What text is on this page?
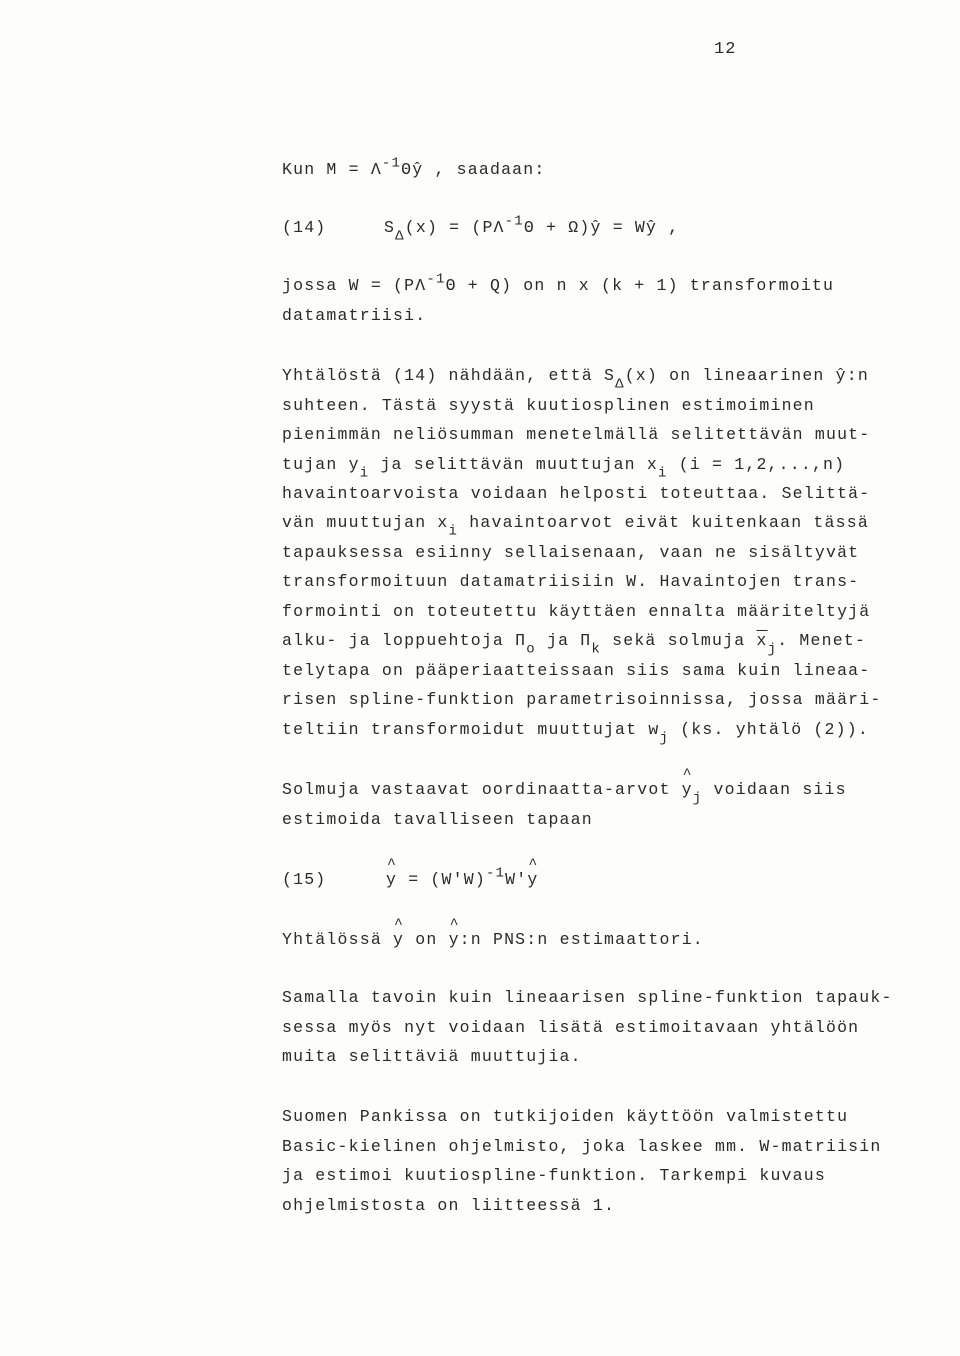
12
Kun $M = \Lambda^{-1}\Theta ŷ$ , saadaan:
(14)	$S_\Delta(x) = (P\Lambda^{-1}\Theta$ + Ω)ŷ = Wŷ ,
jossa $W = (P\Lambda^{-1}\Theta + Q)$ on n x (k + 1) transformoitu
datamatriisi.
Yhtälöstä (14) nähdään, että $S_\Delta(x)$ on lineaarinen ŷ:n
suhteen. Tästä syystä kuutiosplinen estimoiminen
pienimmän neliösumman menetelmällä selitettävän muut-
tujan $y_i$ ja selittävän muuttujan $x_i$ (i = 1,2,...,n)
havaintoarvoista voidaan helposti toteuttaa. Selittä-
vän muuttujan $x_i$ havaintoarvot eivät kuitenkaan tässä
tapauksessa esiinny sellaisenaan, vaan ne sisältyvät
transformoituun datamatriisiin W. Havaintojen trans-
formointi on toteutettu käyttäen ennalta määriteltyjä
alku- ja loppuehtoja $\Pi_o$ ja $\Pi_k$ sekä solmuja $\overline{x}_j$. Menet-
telytapa on pääperiaatteissaan siis sama kuin lineaa-
risen spline-funktion parametrisoinnissa, jossa määri-
teltiin transformoidut muuttujat $w_j$ (ks. yhtälö (2)).
Solmuja vastaavat oordinaatta-arvot ^ $y_j$ voidaan siis
estimoida tavalliseen tapaan
(15)	^ $y = (W'W)^{-1}W'\^{}$ y
Yhtälössä ^ y on ^ y:n PNS:n estimaattori.
Samalla tavoin kuin lineaarisen spline-funktion tapauk-
sessa myös nyt voidaan lisätä estimoitavaan yhtälöön
muita selittäviä muuttujia.
Suomen Pankissa on tutkijoiden käyttöön valmistettu
Basic-kielinen ohjelmisto, joka laskee mm. W-matriisin
ja estimoi kuutiospline-funktion. Tarkempi kuvaus
ohjelmistosta on liitteessä 1.
